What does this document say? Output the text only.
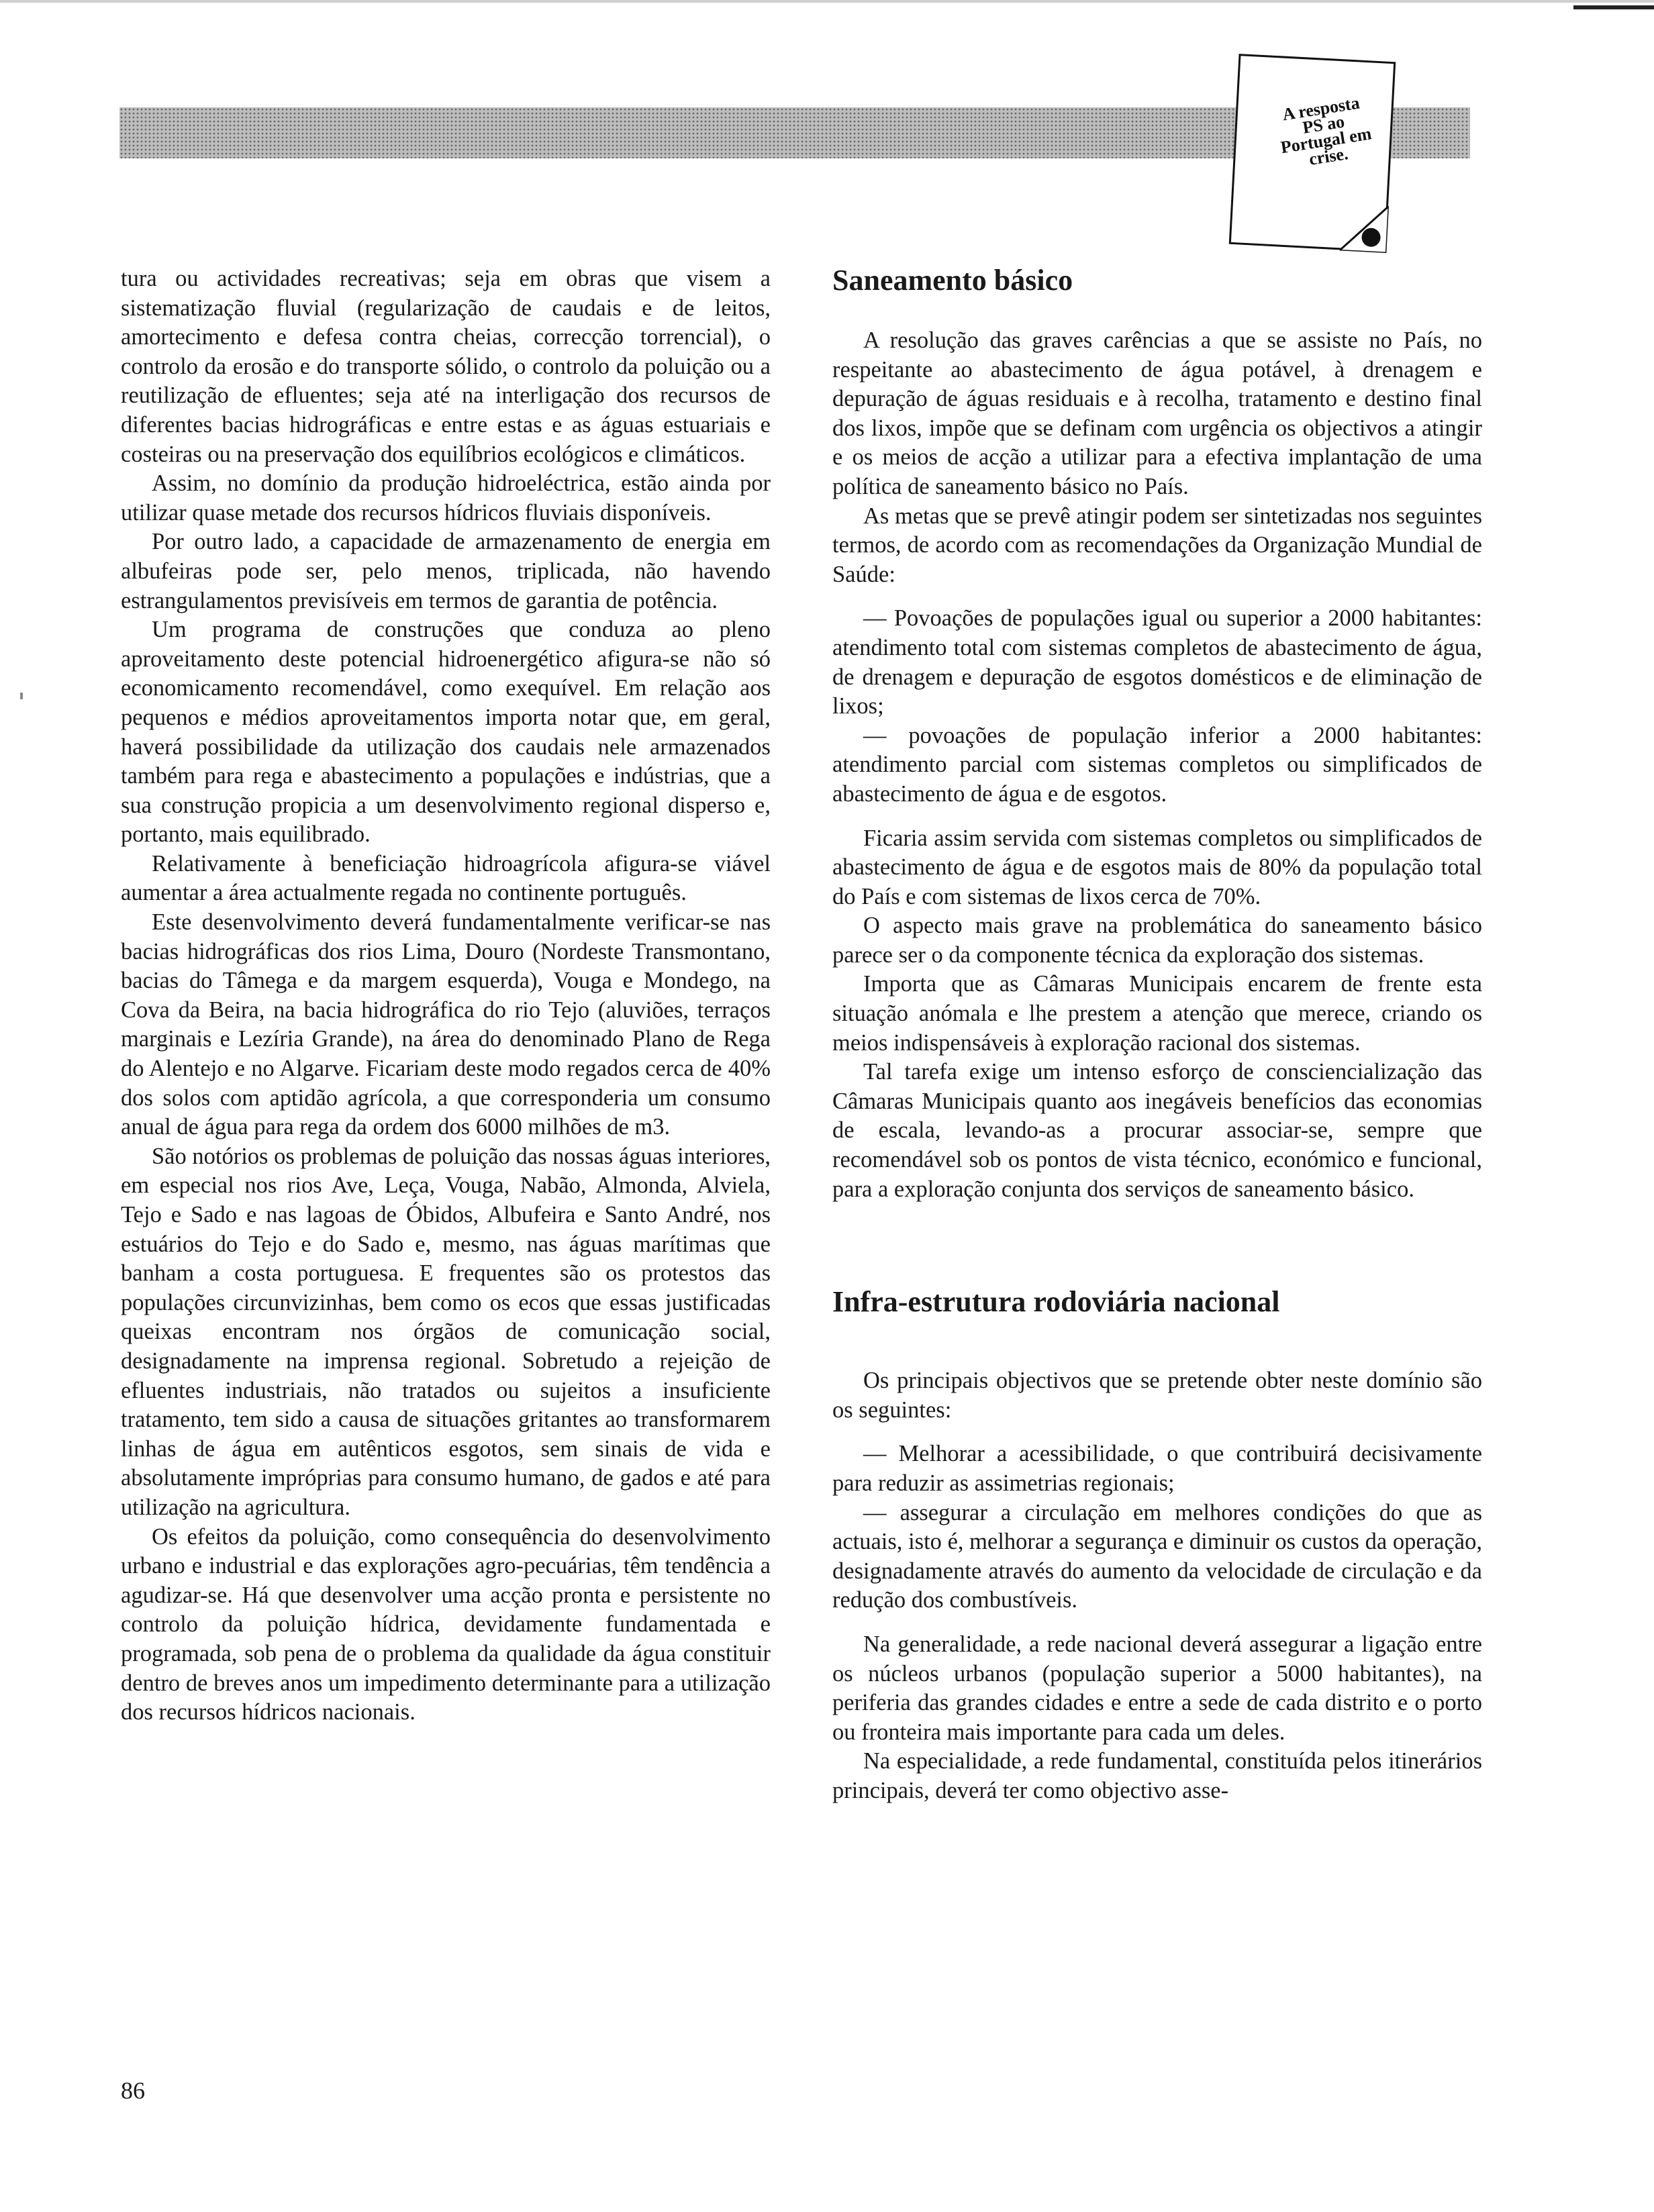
A resposta PS ao Portugal em crise.

tura ou actividades recreativas; seja em obras que visem a sistematização fluvial (regularização de caudais e de leitos, amortecimento e defesa contra cheias, correcção torrencial), o controlo da erosão e do transporte sólido, o controlo da poluição ou a reutilização de efluentes; seja até na interligação dos recursos de diferentes bacias hidrográficas e entre estas e as águas estuariais e costeiras ou na preservação dos equilíbrios ecológicos e climáticos.

Assim, no domínio da produção hidroeléctrica, estão ainda por utilizar quase metade dos recursos hídricos fluviais disponíveis.

Por outro lado, a capacidade de armazenamento de energia em albufeiras pode ser, pelo menos, triplicada, não havendo estrangulamentos previsíveis em termos de garantia de potência.

Um programa de construções que conduza ao pleno aproveitamento deste potencial hidroenergético afigura-se não só economicamento recomendável, como exequível. Em relação aos pequenos e médios aproveitamentos importa notar que, em geral, haverá possibilidade da utilização dos caudais nele armazenados também para rega e abastecimento a populações e indústrias, que a sua construção propicia a um desenvolvimento regional disperso e, portanto, mais equilibrado.

Relativamente à beneficiação hidroagrícola afigura-se viável aumentar a área actualmente regada no continente português.

Este desenvolvimento deverá fundamentalmente verificar-se nas bacias hidrográficas dos rios Lima, Douro (Nordeste Transmontano, bacias do Tâmega e da margem esquerda), Vouga e Mondego, na Cova da Beira, na bacia hidrográfica do rio Tejo (aluviões, terraços marginais e Lezíria Grande), na área do denominado Plano de Rega do Alentejo e no Algarve. Ficariam deste modo regados cerca de 40% dos solos com aptidão agrícola, a que corresponderia um consumo anual de água para rega da ordem dos 6000 milhões de m3.

São notórios os problemas de poluição das nossas águas interiores, em especial nos rios Ave, Leça, Vouga, Nabão, Almonda, Alviela, Tejo e Sado e nas lagoas de Óbidos, Albufeira e Santo André, nos estuários do Tejo e do Sado e, mesmo, nas águas marítimas que banham a costa portuguesa. E frequentes são os protestos das populações circunvizinhas, bem como os ecos que essas justificadas queixas encontram nos órgãos de comunicação social, designadamente na imprensa regional. Sobretudo a rejeição de efluentes industriais, não tratados ou sujeitos a insuficiente tratamento, tem sido a causa de situações gritantes ao transformarem linhas de água em autênticos esgotos, sem sinais de vida e absolutamente impróprias para consumo humano, de gados e até para utilização na agricultura.

Os efeitos da poluição, como consequência do desenvolvimento urbano e industrial e das explorações agro-pecuárias, têm tendência a agudizar-se. Há que desenvolver uma acção pronta e persistente no controlo da poluição hídrica, devidamente fundamentada e programada, sob pena de o problema da qualidade da água constituir dentro de breves anos um impedimento determinante para a utilização dos recursos hídricos nacionais.

Saneamento básico

A resolução das graves carências a que se assiste no País, no respeitante ao abastecimento de água potável, à drenagem e depuração de águas residuais e à recolha, tratamento e destino final dos lixos, impõe que se definam com urgência os objectivos a atingir e os meios de acção a utilizar para a efectiva implantação de uma política de saneamento básico no País.

As metas que se prevê atingir podem ser sintetizadas nos seguintes termos, de acordo com as recomendações da Organização Mundial de Saúde:

— Povoações de populações igual ou superior a 2000 habitantes: atendimento total com sistemas completos de abastecimento de água, de drenagem e depuração de esgotos domésticos e de eliminação de lixos;

— povoações de população inferior a 2000 habitantes: atendimento parcial com sistemas completos ou simplificados de abastecimento de água e de esgotos.

Ficaria assim servida com sistemas completos ou simplificados de abastecimento de água e de esgotos mais de 80% da população total do País e com sistemas de lixos cerca de 70%.

O aspecto mais grave na problemática do saneamento básico parece ser o da componente técnica da exploração dos sistemas.

Importa que as Câmaras Municipais encarem de frente esta situação anómala e lhe prestem a atenção que merece, criando os meios indispensáveis à exploração racional dos sistemas.

Tal tarefa exige um intenso esforço de consciencialização das Câmaras Municipais quanto aos inegáveis benefícios das economias de escala, levando-as a procurar associar-se, sempre que recomendável sob os pontos de vista técnico, económico e funcional, para a exploração conjunta dos serviços de saneamento básico.

Infra-estrutura rodoviária nacional

Os principais objectivos que se pretende obter neste domínio são os seguintes:

— Melhorar a acessibilidade, o que contribuirá decisivamente para reduzir as assimetrias regionais;

— assegurar a circulação em melhores condições do que as actuais, isto é, melhorar a segurança e diminuir os custos da operação, designadamente através do aumento da velocidade de circulação e da redução dos combustíveis.

Na generalidade, a rede nacional deverá assegurar a ligação entre os núcleos urbanos (população superior a 5000 habitantes), na periferia das grandes cidades e entre a sede de cada distrito e o porto ou fronteira mais importante para cada um deles.

Na especialidade, a rede fundamental, constituída pelos itinerários principais, deverá ter como objectivo asse-

86
